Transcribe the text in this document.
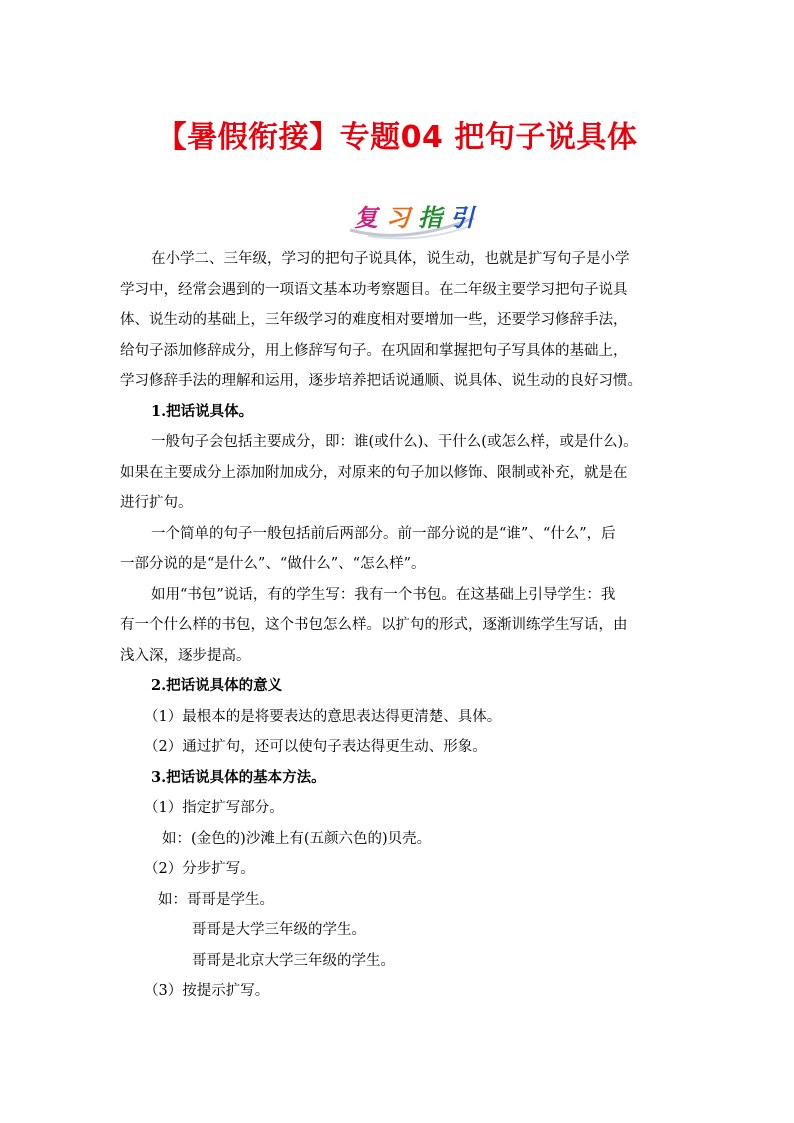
【暑假衔接】专题04 把句子说具体
复 习 指 引
在小学二、三年级，学习的把句子说具体，说生动，也就是扩写句子是小学
学习中，经常会遇到的一项语文基本功考察题目。在二年级主要学习把句子说具
体、说生动的基础上，三年级学习的难度相对要增加一些，还要学习修辞手法，
给句子添加修辞成分，用上修辞写句子。在巩固和掌握把句子写具体的基础上，
学习修辞手法的理解和运用，逐步培养把话说通顺、说具体、说生动的良好习惯。
1.把话说具体。
一般句子会包括主要成分，即：谁(或什么)、干什么(或怎么样，或是什么)。
如果在主要成分上添加附加成分，对原来的句子加以修饰、限制或补充，就是在
进行扩句。
一个简单的句子一般包括前后两部分。前一部分说的是“谁”、“什么”，后
一部分说的是“是什么”、“做什么”、“怎么样”。
如用“书包”说话，有的学生写：我有一个书包。在这基础上引导学生：我
有一个什么样的书包，这个书包怎么样。以扩句的形式，逐渐训练学生写话，由
浅入深，逐步提高。
2.把话说具体的意义
（1）最根本的是将要表达的意思表达得更清楚、具体。
（2）通过扩句，还可以使句子表达得更生动、形象。
3.把话说具体的基本方法。
（1）指定扩写部分。
如：(金色的)沙滩上有(五颜六色的)贝壳。
（2）分步扩写。
如：哥哥是学生。
哥哥是大学三年级的学生。
哥哥是北京大学三年级的学生。
（3）按提示扩写。
